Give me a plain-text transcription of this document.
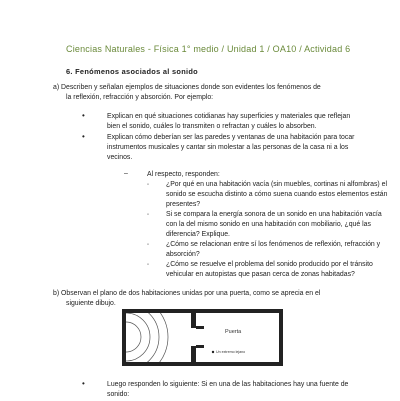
Ciencias Naturales - Física 1° medio / Unidad 1 / OA10 / Actividad 6
6. Fenómenos asociados al sonido
a) Describen y señalan ejemplos de situaciones donde son evidentes los fenómenos de
la reflexión, refracción y absorción. Por ejemplo:
•	Explican en qué situaciones cotidianas hay superficies y materiales que reflejan
bien el sonido, cuáles lo transmiten o refractan y cuáles lo absorben.
•	Explican cómo deberían ser las paredes y ventanas de una habitación para tocar
instrumentos musicales y cantar sin molestar a las personas de la casa ni a los
vecinos.
–	Al respecto, responden:
▫ ¿Por qué en una habitación vacía (sin muebles, cortinas ni alfombras) el
sonido se escucha distinto a cómo suena cuando estos elementos están
presentes?
▫ Si se compara la energía sonora de un sonido en una habitación vacía
con la del mismo sonido en una habitación con mobiliario, ¿qué las
diferencia? Explique.
▫ ¿Cómo se relacionan entre sí los fenómenos de reflexión, refracción y
absorción?
▫ ¿Cómo se resuelve el problema del sonido producido por el tránsito
vehicular en autopistas que pasan cerca de zonas habitadas?
b) Observan el plano de dos habitaciones unidas por una puerta, como se aprecia en el
siguiente dibujo.
Puerta
Un extremo lejano
•	Luego responden lo siguiente: Si en una de las habitaciones hay una fuente de
sonido:
